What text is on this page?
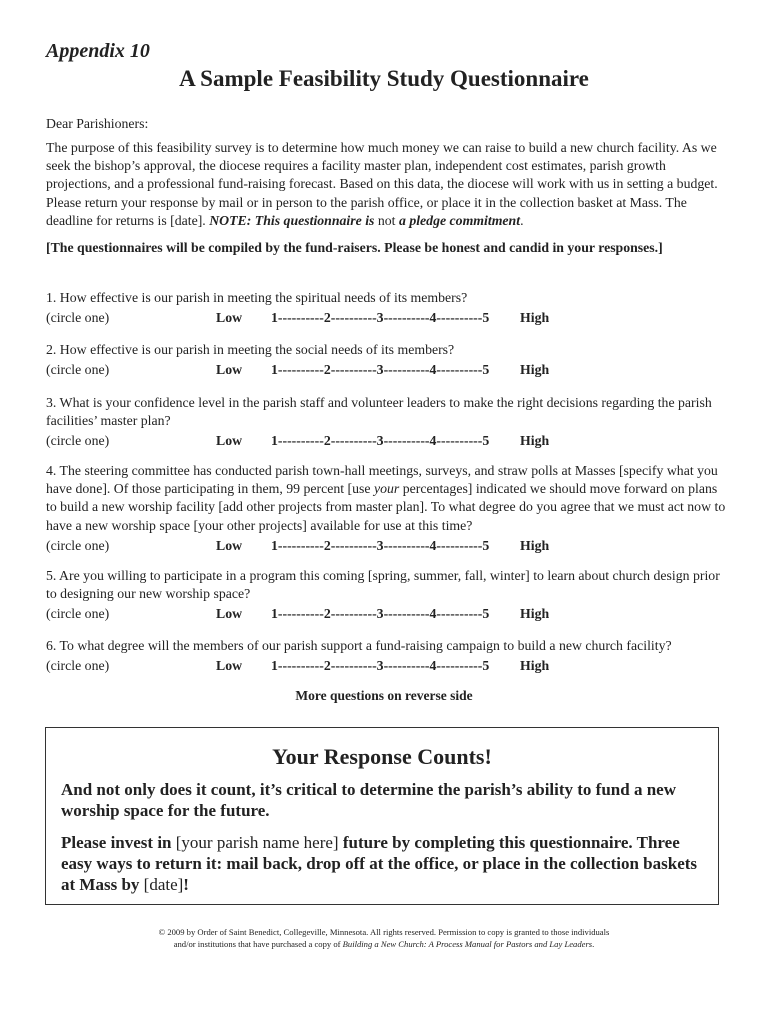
Appendix 10
A Sample Feasibility Study Questionnaire
Dear Parishioners:
The purpose of this feasibility survey is to determine how much money we can raise to build a new church facility. As we seek the bishop’s approval, the diocese requires a facility master plan, independent cost estimates, parish growth projections, and a professional fund-raising forecast. Based on this data, the diocese will work with us in setting a budget. Please return your response by mail or in person to the parish office, or place it in the collection basket at Mass. The deadline for returns is [date]. NOTE: This questionnaire is not a pledge commitment.
[The questionnaires will be compiled by the fund-raisers. Please be honest and candid in your responses.]

1. How effective is our parish in meeting the spiritual needs of its members?

(circle one)	Low 1----------2----------3----------4----------5 High

2. How effective is our parish in meeting the social needs of its members?

(circle one)	Low 1----------2----------3----------4----------5 High

3. What is your confidence level in the parish staff and volunteer leaders to make the right decisions regarding the parish facilities’ master plan?

(circle one)	Low 1----------2----------3----------4----------5 High

4. The steering committee has conducted parish town-hall meetings, surveys, and straw polls at Masses [specify what you have done]. Of those participating in them, 99 percent [use your percentages] indicated we should move forward on plans to build a new worship facility [add other projects from master plan]. To what degree do you agree that we must act now to have a new worship space [your other projects] available for use at this time?

(circle one)	Low 1----------2----------3----------4----------5 High

5. Are you willing to participate in a program this coming [spring, summer, fall, winter] to learn about church design prior to designing our new worship space?

(circle one)	Low 1----------2----------3----------4----------5 High

6. To what degree will the members of our parish support a fund-raising campaign to build a new church facility?

(circle one)	Low 1----------2----------3----------4----------5 High
More questions on reverse side
Your Response Counts!

And not only does it count, it’s critical to determine the parish’s ability to fund a new worship space for the future.

Please invest in [your parish name here] future by completing this questionnaire. Three easy ways to return it: mail back, drop off at the office, or place in the collection baskets at Mass by [date]!

© 2009 by Order of Saint Benedict, Collegeville, Minnesota. All rights reserved. Permission to copy is granted to those individuals
and/or institutions that have purchased a copy of Building a New Church: A Process Manual for Pastors and Lay Leaders.
